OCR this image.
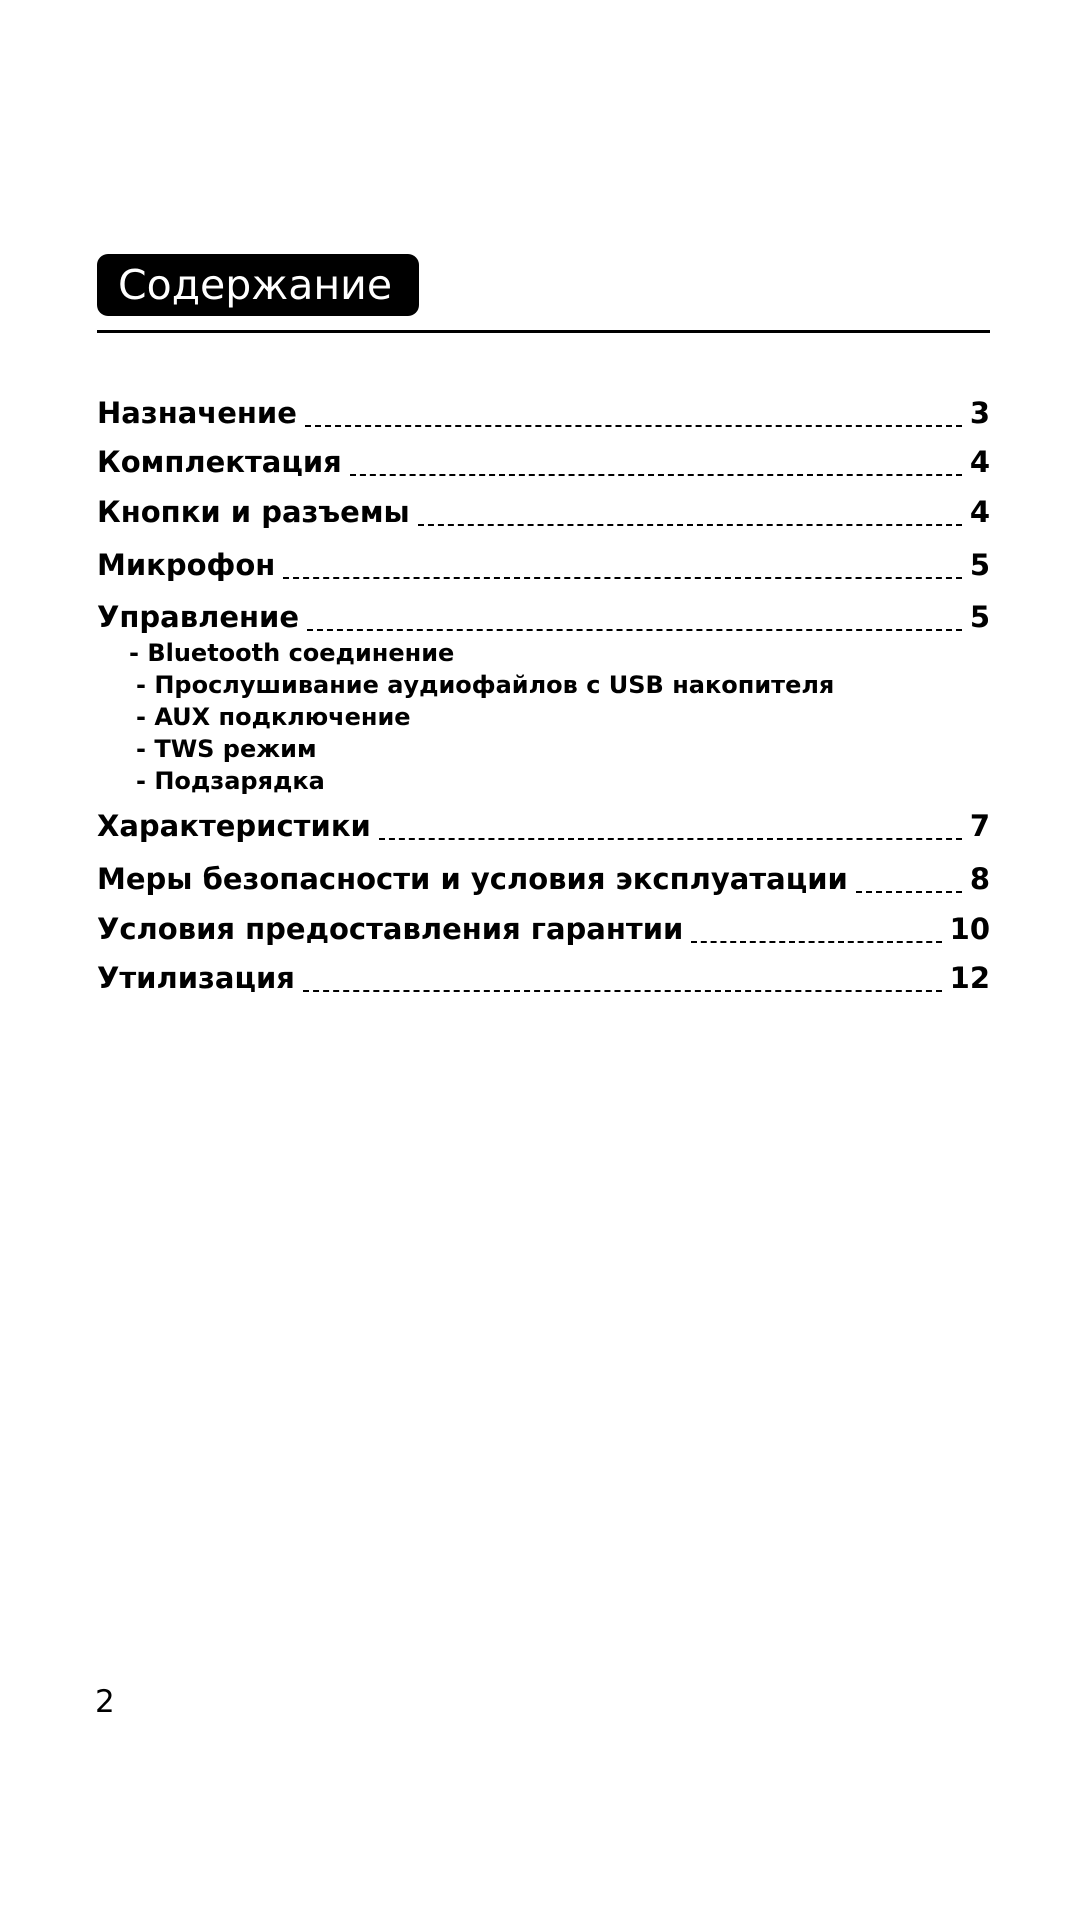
Содержание
Назначение	3
Комплектация	4
Кнопки и разъемы	4
Микрофон	5
Управление	5
- Bluetooth соединение
- Прослушивание аудиофайлов с USB накопителя
- AUX подключение
- TWS режим
- Подзарядка
Характеристики	7
Меры безопасности и условия эксплуатации	8
Условия предоставления гарантии	10
Утилизация	12
2
